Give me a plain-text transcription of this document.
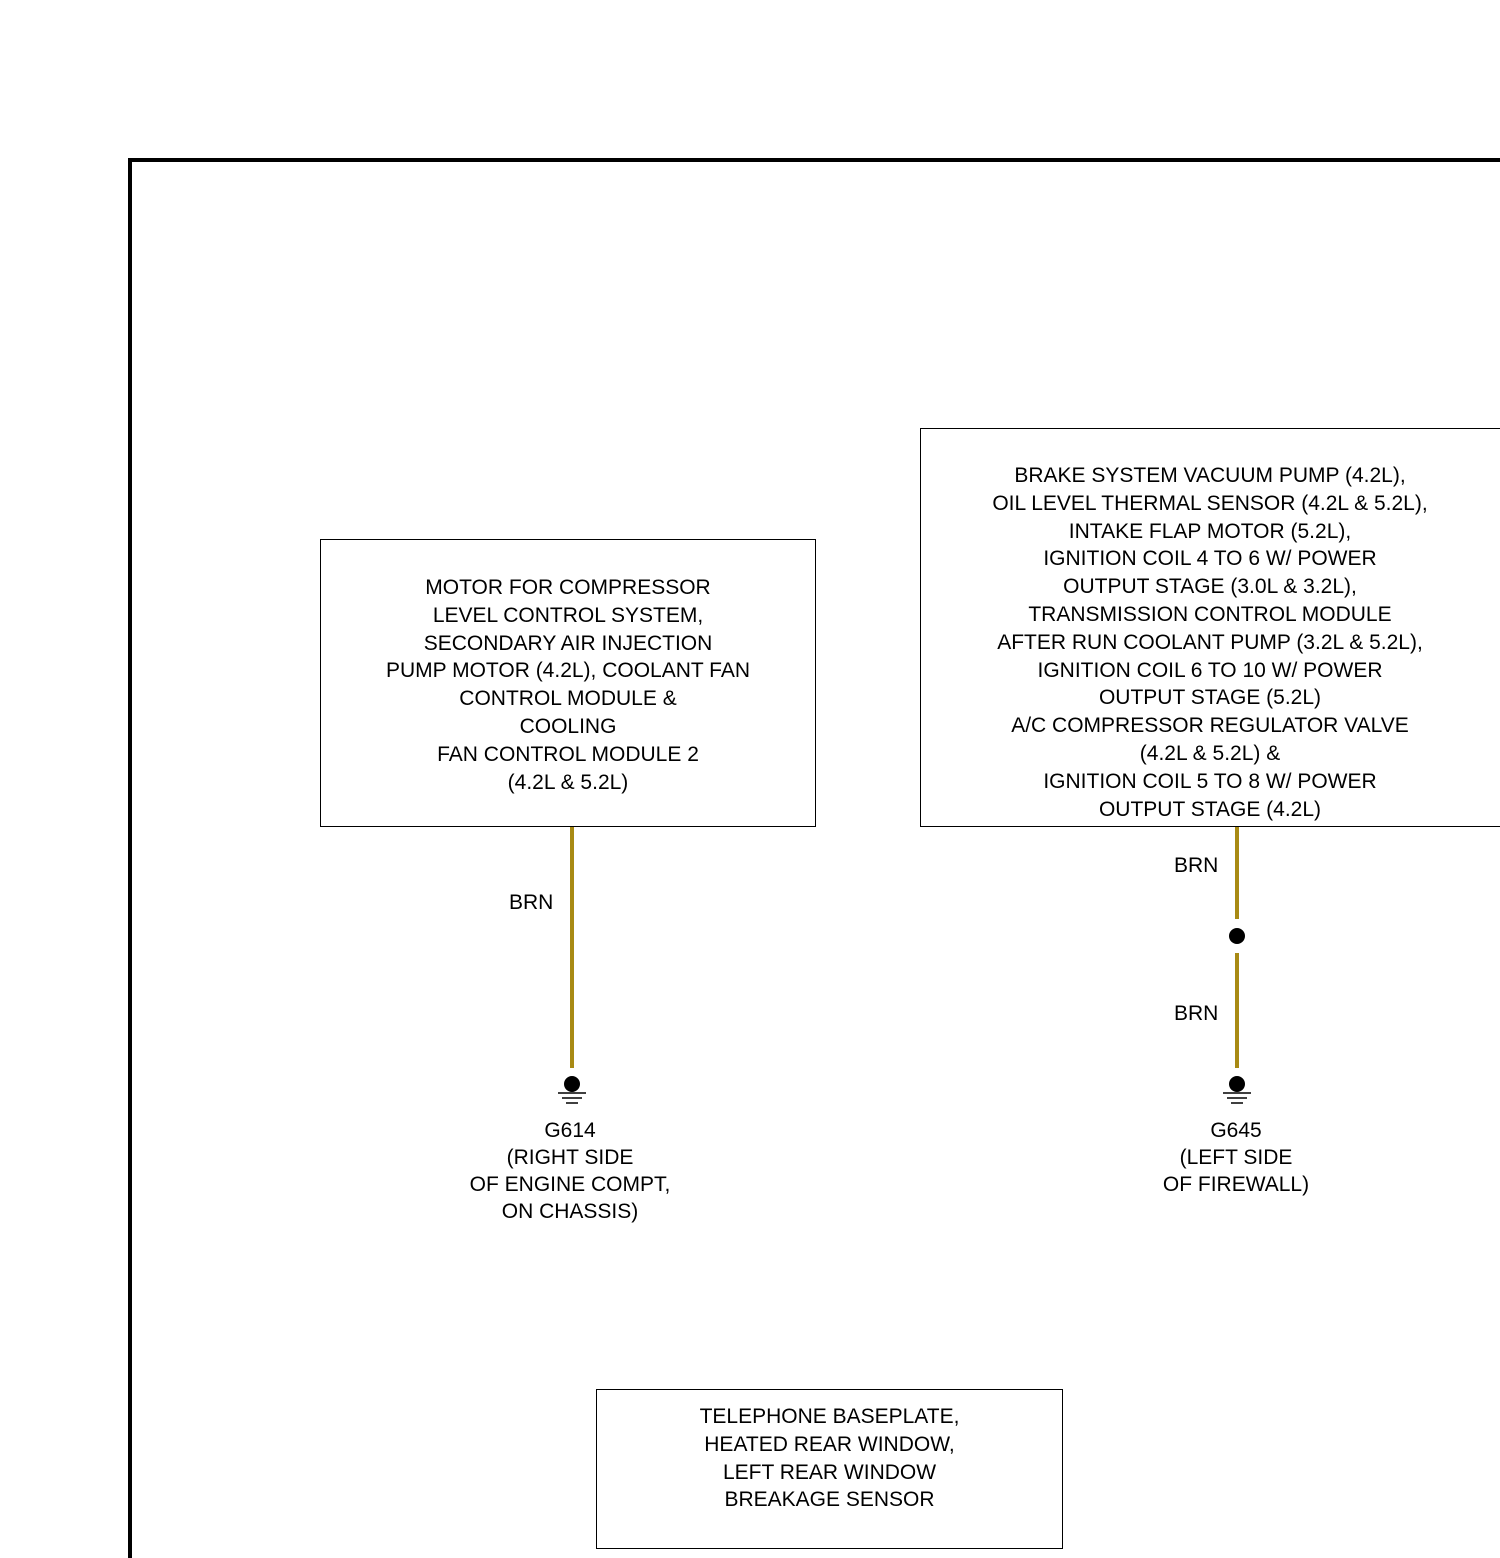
MOTOR FOR COMPRESSOR
LEVEL CONTROL SYSTEM,
SECONDARY AIR INJECTION
PUMP MOTOR (4.2L), COOLANT FAN
CONTROL MODULE &
COOLING
FAN CONTROL MODULE 2
(4.2L & 5.2L)
BRAKE SYSTEM VACUUM PUMP (4.2L),
OIL LEVEL THERMAL SENSOR (4.2L & 5.2L),
INTAKE FLAP MOTOR (5.2L),
IGNITION COIL 4 TO 6 W/ POWER
OUTPUT STAGE (3.0L & 3.2L),
TRANSMISSION CONTROL MODULE
AFTER RUN COOLANT PUMP (3.2L & 5.2L),
IGNITION COIL 6 TO 10 W/ POWER
OUTPUT STAGE (5.2L)
A/C COMPRESSOR REGULATOR VALVE
(4.2L & 5.2L) &
IGNITION COIL 5 TO 8 W/ POWER
OUTPUT STAGE (4.2L)
TELEPHONE BASEPLATE,
HEATED REAR WINDOW,
LEFT REAR WINDOW
BREAKAGE SENSOR
BRN
BRN
BRN
G614
(RIGHT SIDE
OF ENGINE COMPT,
ON CHASSIS)
G645
(LEFT SIDE
OF FIREWALL)
